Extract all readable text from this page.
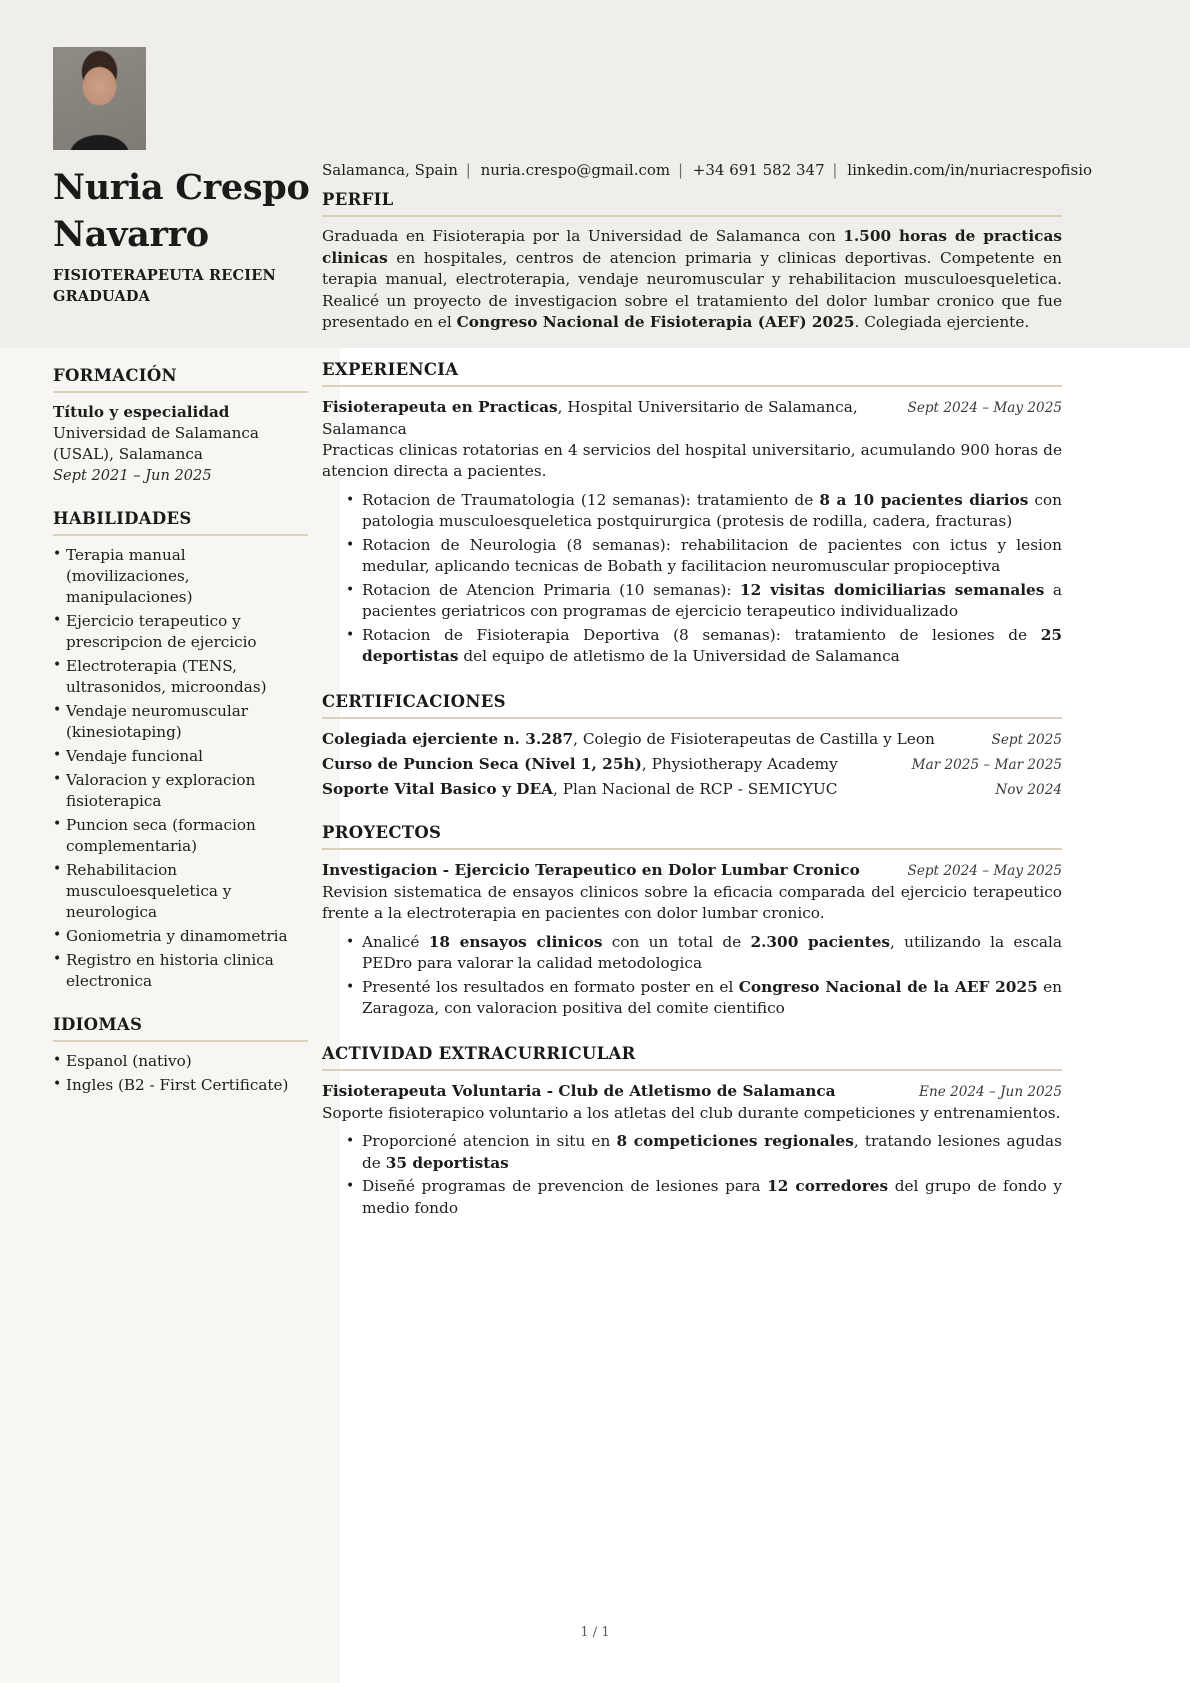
Nuria Crespo Navarro
FISIOTERAPEUTA RECIEN GRADUADA
Salamanca, Spain | nuria.crespo@gmail.com | +34 691 582 347 | linkedin.com/in/nuriacrespofisio
PERFIL

Graduada en Fisioterapia por la Universidad de Salamanca con 1.500 horas de practicas clinicas en hospitales, centros de atencion primaria y clinicas deportivas. Competente en terapia manual, electroterapia, vendaje neuromuscular y rehabilitacion musculoesqueletica. Realicé un proyecto de investigacion sobre el tratamiento del dolor lumbar cronico que fue presentado en el Congreso Nacional de Fisioterapia (AEF) 2025. Colegiada ejerciente.

EXPERIENCIA
Fisioterapeuta en Practicas, Hospital Universitario de Salamanca, Salamanca
Sept 2024 – May 2025
Practicas clinicas rotatorias en 4 servicios del hospital universitario, acumulando 900 horas de atencion directa a pacientes.
• Rotacion de Traumatologia (12 semanas): tratamiento de 8 a 10 pacientes diarios con patologia musculoesqueletica postquirurgica (protesis de rodilla, cadera, fracturas)
• Rotacion de Neurologia (8 semanas): rehabilitacion de pacientes con ictus y lesion medular, aplicando tecnicas de Bobath y facilitacion neuromuscular propioceptiva
• Rotacion de Atencion Primaria (10 semanas): 12 visitas domiciliarias semanales a pacientes geriatricos con programas de ejercicio terapeutico individualizado
• Rotacion de Fisioterapia Deportiva (8 semanas): tratamiento de lesiones de 25 deportistas del equipo de atletismo de la Universidad de Salamanca
CERTIFICACIONES
Colegiada ejerciente n. 3.287, Colegio de Fisioterapeutas de Castilla y Leon	Sept 2025
Curso de Puncion Seca (Nivel 1, 25h), Physiotherapy Academy	Mar 2025 – Mar 2025
Soporte Vital Basico y DEA, Plan Nacional de RCP - SEMICYUC	Nov 2024
PROYECTOS
Investigacion - Ejercicio Terapeutico en Dolor Lumbar Cronico	Sept 2024 – May 2025
Revision sistematica de ensayos clinicos sobre la eficacia comparada del ejercicio terapeutico frente a la electroterapia en pacientes con dolor lumbar cronico.
• Analicé 18 ensayos clinicos con un total de 2.300 pacientes, utilizando la escala PEDro para valorar la calidad metodologica
• Presenté los resultados en formato poster en el Congreso Nacional de la AEF 2025 en Zaragoza, con valoracion positiva del comite cientifico
ACTIVIDAD EXTRACURRICULAR
Fisioterapeuta Voluntaria - Club de Atletismo de Salamanca	Ene 2024 – Jun 2025
Soporte fisioterapico voluntario a los atletas del club durante competiciones y entrenamientos.
• Proporcioné atencion in situ en 8 competiciones regionales, tratando lesiones agudas de 35 deportistas
• Diseñé programas de prevencion de lesiones para 12 corredores del grupo de fondo y medio fondo
FORMACIÓN
Título y especialidad
Universidad de Salamanca (USAL), Salamanca
Sept 2021 – Jun 2025
HABILIDADES
• Terapia manual (movilizaciones, manipulaciones)
• Ejercicio terapeutico y prescripcion de ejercicio
• Electroterapia (TENS, ultrasonidos, microondas)
• Vendaje neuromuscular (kinesiotaping)
• Vendaje funcional
• Valoracion y exploracion fisioterapica
• Puncion seca (formacion complementaria)
• Rehabilitacion musculoesqueletica y neurologica
• Goniometria y dinamometria
• Registro en historia clinica electronica
IDIOMAS
• Espanol (nativo)
• Ingles (B2 - First Certificate)
1 / 1
